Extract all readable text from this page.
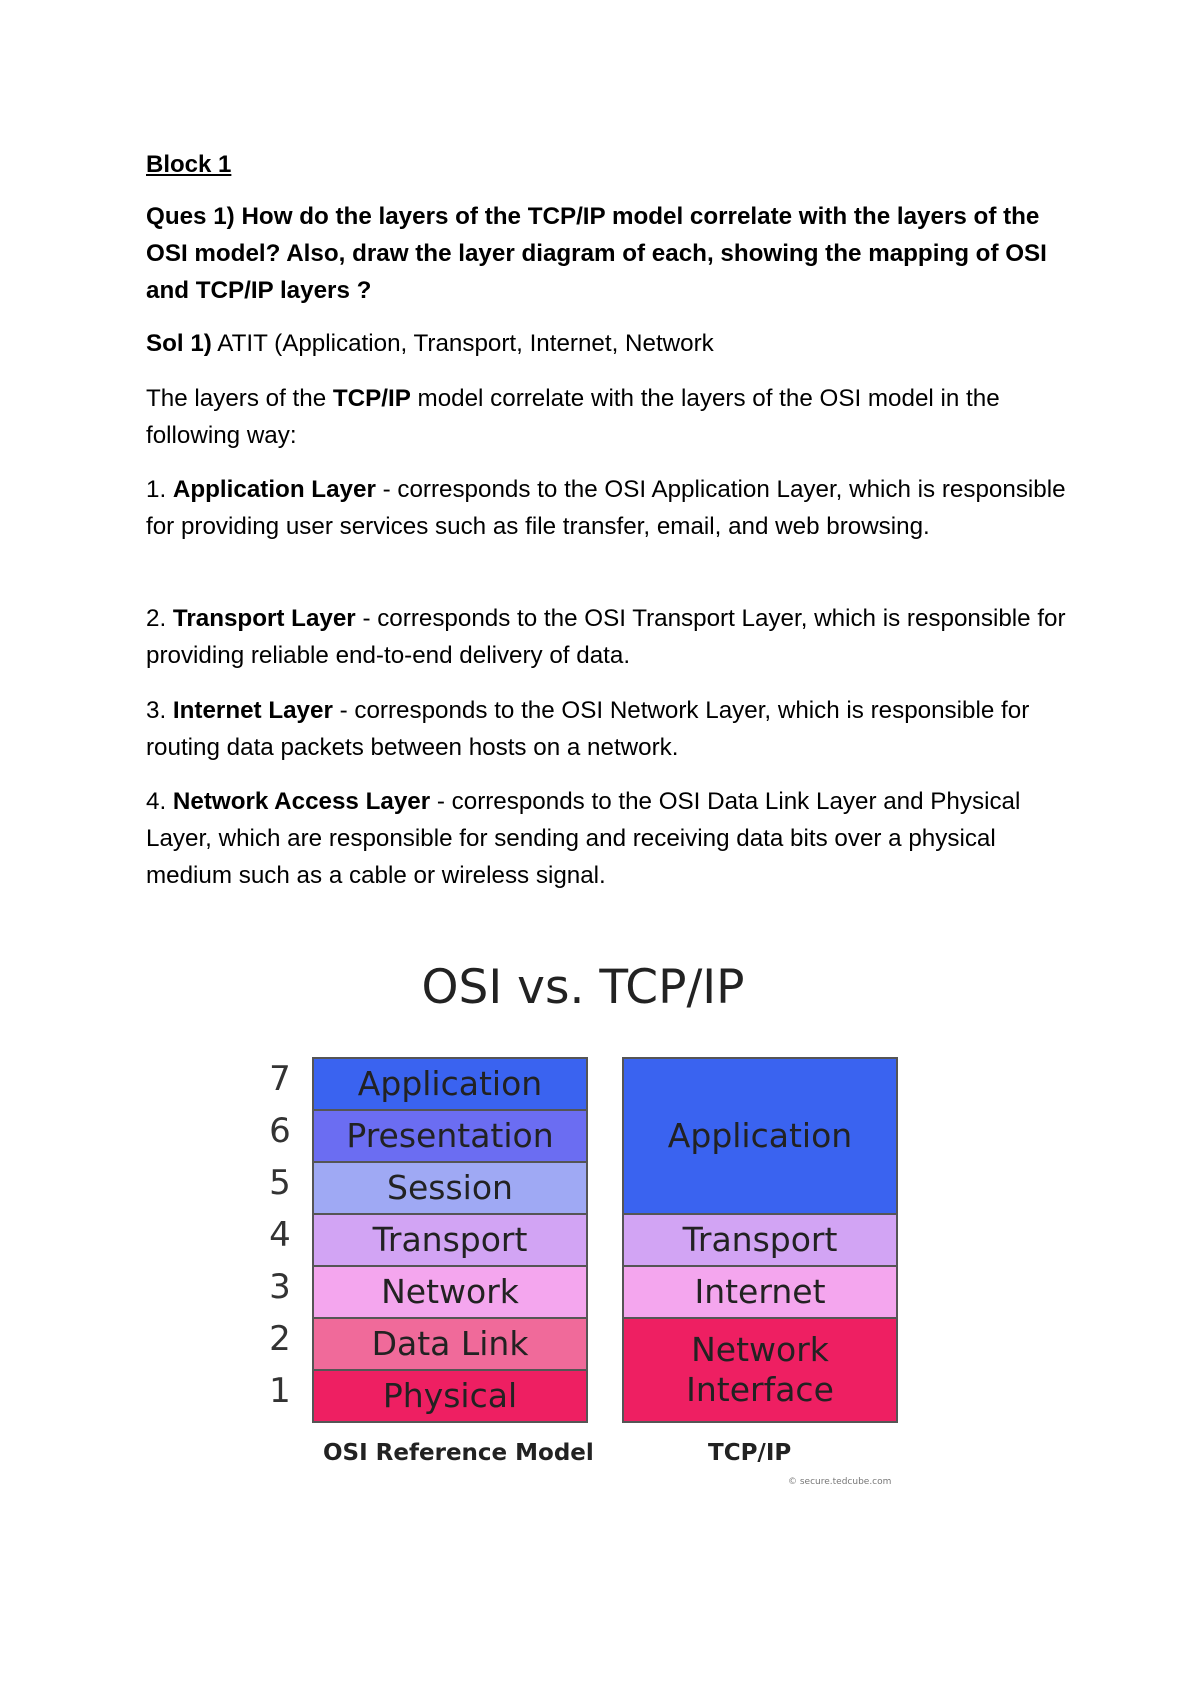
Block 1

Ques 1) How do the layers of the TCP/IP model correlate with the layers of the OSI model? Also, draw the layer diagram of each, showing the mapping of OSI and TCP/IP layers ?

Sol 1) ATIT (Application, Transport, Internet, Network

The layers of the TCP/IP model correlate with the layers of the OSI model in the following way:

1. Application Layer - corresponds to the OSI Application Layer, which is responsible for providing user services such as file transfer, email, and web browsing.

2. Transport Layer - corresponds to the OSI Transport Layer, which is responsible for providing reliable end-to-end delivery of data.

3. Internet Layer - corresponds to the OSI Network Layer, which is responsible for routing data packets between hosts on a network.

4. Network Access Layer - corresponds to the OSI Data Link Layer and Physical Layer, which are responsible for sending and receiving data bits over a physical medium such as a cable or wireless signal.

OSI vs. TCP/IP
7
6
5
4
3
2
1
Application
Presentation
Session
Transport
Network
Data Link
Physical
Application
Transport
Internet
Network Interface
OSI Reference Model	TCP/IP
© secure.tedcube.com
